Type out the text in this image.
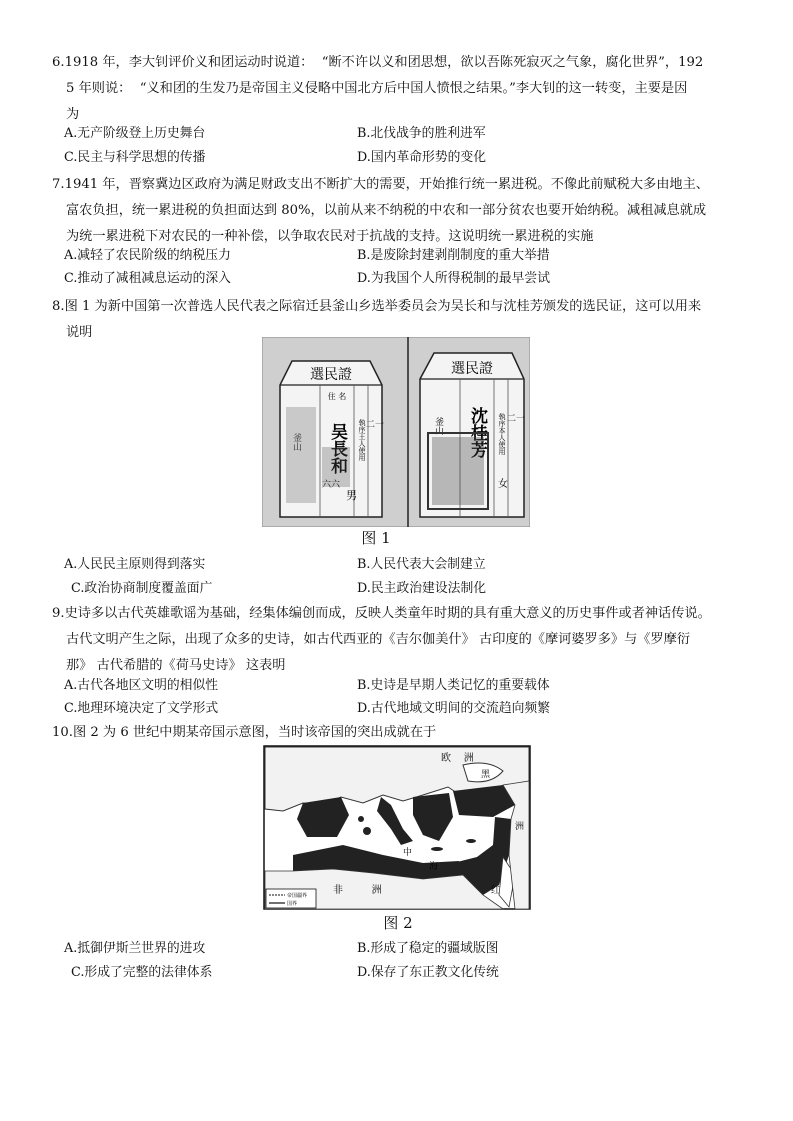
6.1918 年，李大钊评价义和团运动时说道：  “断不许以义和团思想，欲以吾陈死寂灭之气象，腐化世界”，192
5 年则说：  “义和团的生发乃是帝国主义侵略中国北方后中国人愤恨之结果。”李大钊的这一转变，主要是因
为
A.无产阶级登上历史舞台	B.北伐战争的胜利进军
C.民主与科学思想的传播	D.国内革命形势的变化
7.1941 年，晋察冀边区政府为满足财政支出不断扩大的需要，开始推行统一累进税。不像此前赋税大多由地主、
富农负担，统一累进税的负担面达到 80%，以前从来不纳税的中农和一部分贫农也要开始纳税。减租减息就成
为统一累进税下对农民的一种补偿，以争取农民对于抗战的支持。这说明统一累进税的实施
A.减轻了农民阶级的纳税压力	B.是废除封建剥削制度的重大举措
C.推动了减租减息运动的深入	D.为我国个人所得税制的最早尝试
8.图 1 为新中国第一次普选人民代表之际宿迁县釜山乡选举委员会为吴长和与沈桂芳颁发的选民证，这可以用来
说明
選民證
住 名
二一
執序王人使用
吴長和
釜山
男
六六
選民證
二一
執序本人使用
沈桂芳
釜山
女
图 1
A.人民民主原则得到落实	B.人民代表大会制建立
C.政治协商制度覆盖面广	D.民主政治建设法制化
9.史诗多以古代英雄歌谣为基础，经集体编创而成，反映人类童年时期的具有重大意义的历史事件或者神话传说。
古代文明产生之际，出现了众多的史诗，如古代西亚的《吉尔伽美什》 古印度的《摩诃婆罗多》与《罗摩衍
那》 古代希腊的《荷马史诗》 这表明
A.古代各地区文明的相似性	B.史诗是早期人类记忆的重要载体
C.地理环境决定了文学形式	D.古代地域文明间的交流趋向频繁
10.图 2 为 6 世纪中期某帝国示意图，当时该帝国的突出成就在于
欧    洲
黑
洲
中
海
非         洲	红
帝国疆界
国界
图 2
A.抵御伊斯兰世界的进攻	B.形成了稳定的疆域版图
C.形成了完整的法律体系	D.保存了东正教文化传统
